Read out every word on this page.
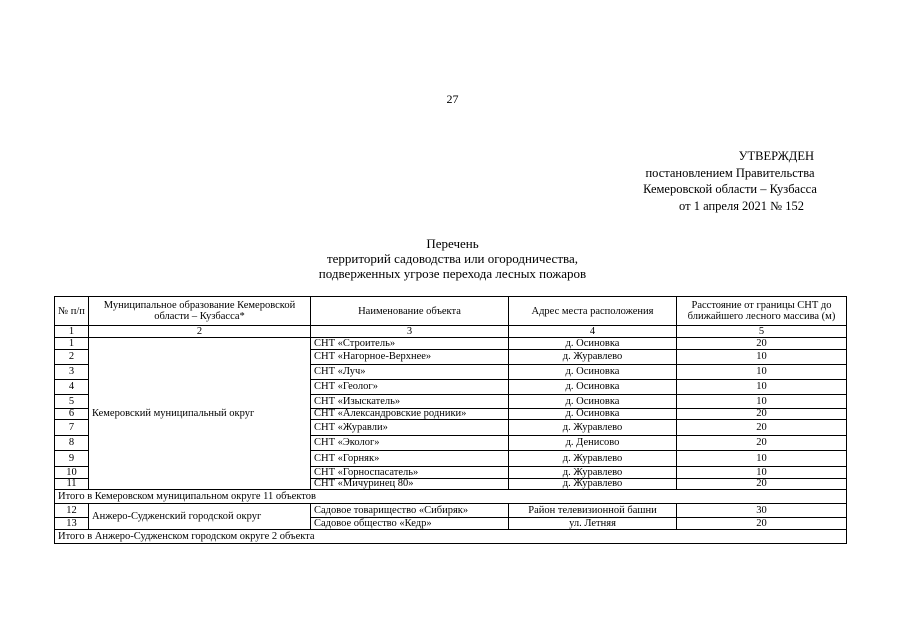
27
УТВЕРЖДЕН
постановлением Правительства
Кемеровской области – Кузбасса
от 1 апреля 2021 № 152
Перечень
территорий садоводства или огородничества,
подверженных угрозе перехода лесных пожаров
№ п/п	Муниципальное образование Кемеровской области – Кузбасса*	Наименование объекта	Адрес места расположения	Расстояние от границы СНТ до ближайшего лесного массива (м)
1	2	3	4	5
1	Кемеровский муниципальный округ	СНТ «Строитель»	д. Осиновка	20
2		СНТ «Нагорное-Верхнее»	д. Журавлево	10
3		СНТ «Луч»	д. Осиновка	10
4		СНТ «Геолог»	д. Осиновка	10
5		СНТ «Изыскатель»	д. Осиновка	10
6		СНТ «Александровские родники»	д. Осиновка	20
7		СНТ «Журавли»	д. Журавлево	20
8		СНТ «Эколог»	д. Денисово	20
9		СНТ «Горняк»	д. Журавлево	10
10		СНТ «Горноспасатель»	д. Журавлево	10
11		СНТ «Мичуринец 80»	д. Журавлево	20
Итого в Кемеровском муниципальном округе 11 объектов				
12	Анжеро-Судженский городской округ	Садовое товарищество «Сибиряк»	Район телевизионной башни	30
13		Садовое общество «Кедр»	ул. Летняя	20
Итого в Анжеро-Судженском городском округе 2 объекта				
